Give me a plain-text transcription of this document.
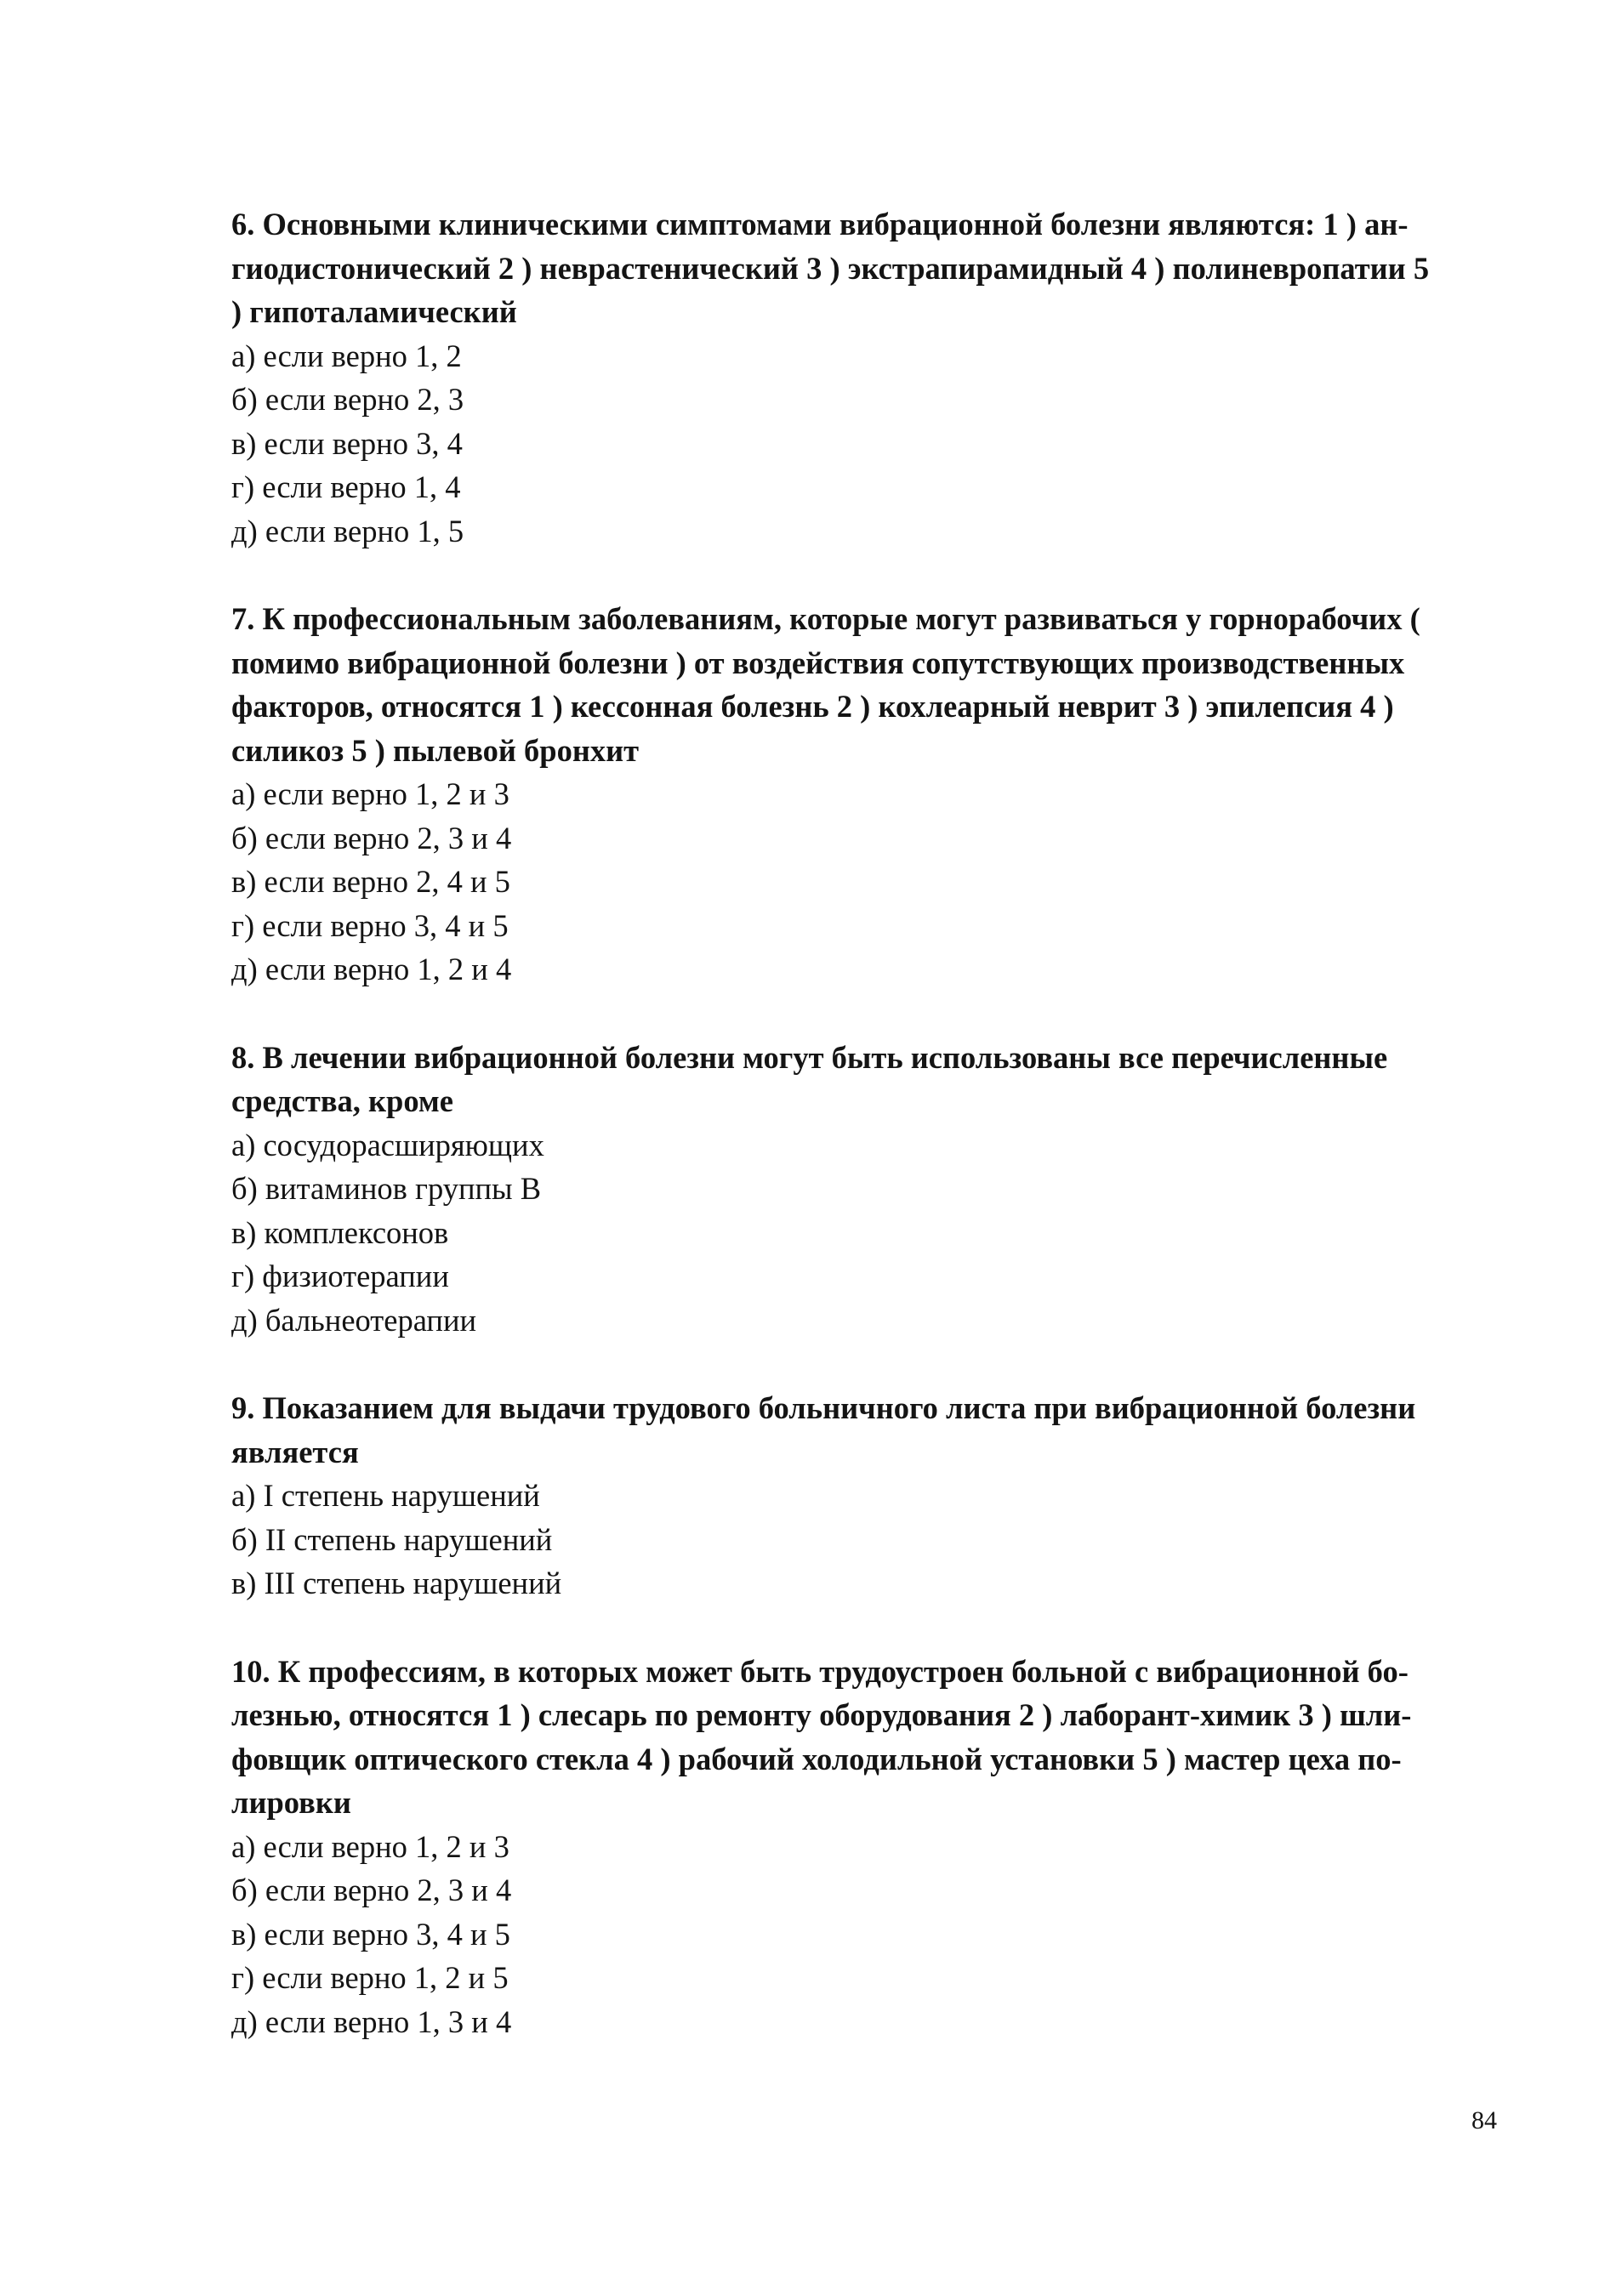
6. Основными клиническими симптомами вибрационной болезни являются: 1 ) ан-
гиодистонический 2 ) неврастенический 3 ) экстрапирамидный 4 ) полиневропатии 5
) гипоталамический

а) если верно 1, 2
б) если верно 2, 3
в) если верно 3, 4
г) если верно 1, 4
д) если верно 1, 5

7. К профессиональным заболеваниям, которые могут развиваться у горнорабочих (
помимо вибрационной болезни ) от воздействия сопутствующих производственных
факторов, относятся 1 ) кессонная болезнь 2 ) кохлеарный неврит 3 ) эпилепсия 4 )
силикоз 5 ) пылевой бронхит

а) если верно 1, 2 и 3
б) если верно 2, 3 и 4
в) если верно 2, 4 и 5
г) если верно 3, 4 и 5
д) если верно 1, 2 и 4

8. В лечении вибрационной болезни могут быть использованы все перечисленные
средства, кроме

а) сосудорасширяющих
б) витаминов группы В
в) комплексонов
г) физиотерапии
д) бальнеотерапии

9. Показанием для выдачи трудового больничного листа при вибрационной болезни
является

а) I степень нарушений
б) II степень нарушений
в) III степень нарушений

10. К профессиям, в которых может быть трудоустроен больной с вибрационной бо-
лезнью, относятся 1 ) слесарь по ремонту оборудования 2 ) лаборант-химик 3 ) шли-
фовщик оптического стекла 4 ) рабочий холодильной установки 5 ) мастер цеха по-
лировки

а) если верно 1, 2 и 3
б) если верно 2, 3 и 4
в) если верно 3, 4 и 5
г) если верно 1, 2 и 5
д) если верно 1, 3 и 4
84
